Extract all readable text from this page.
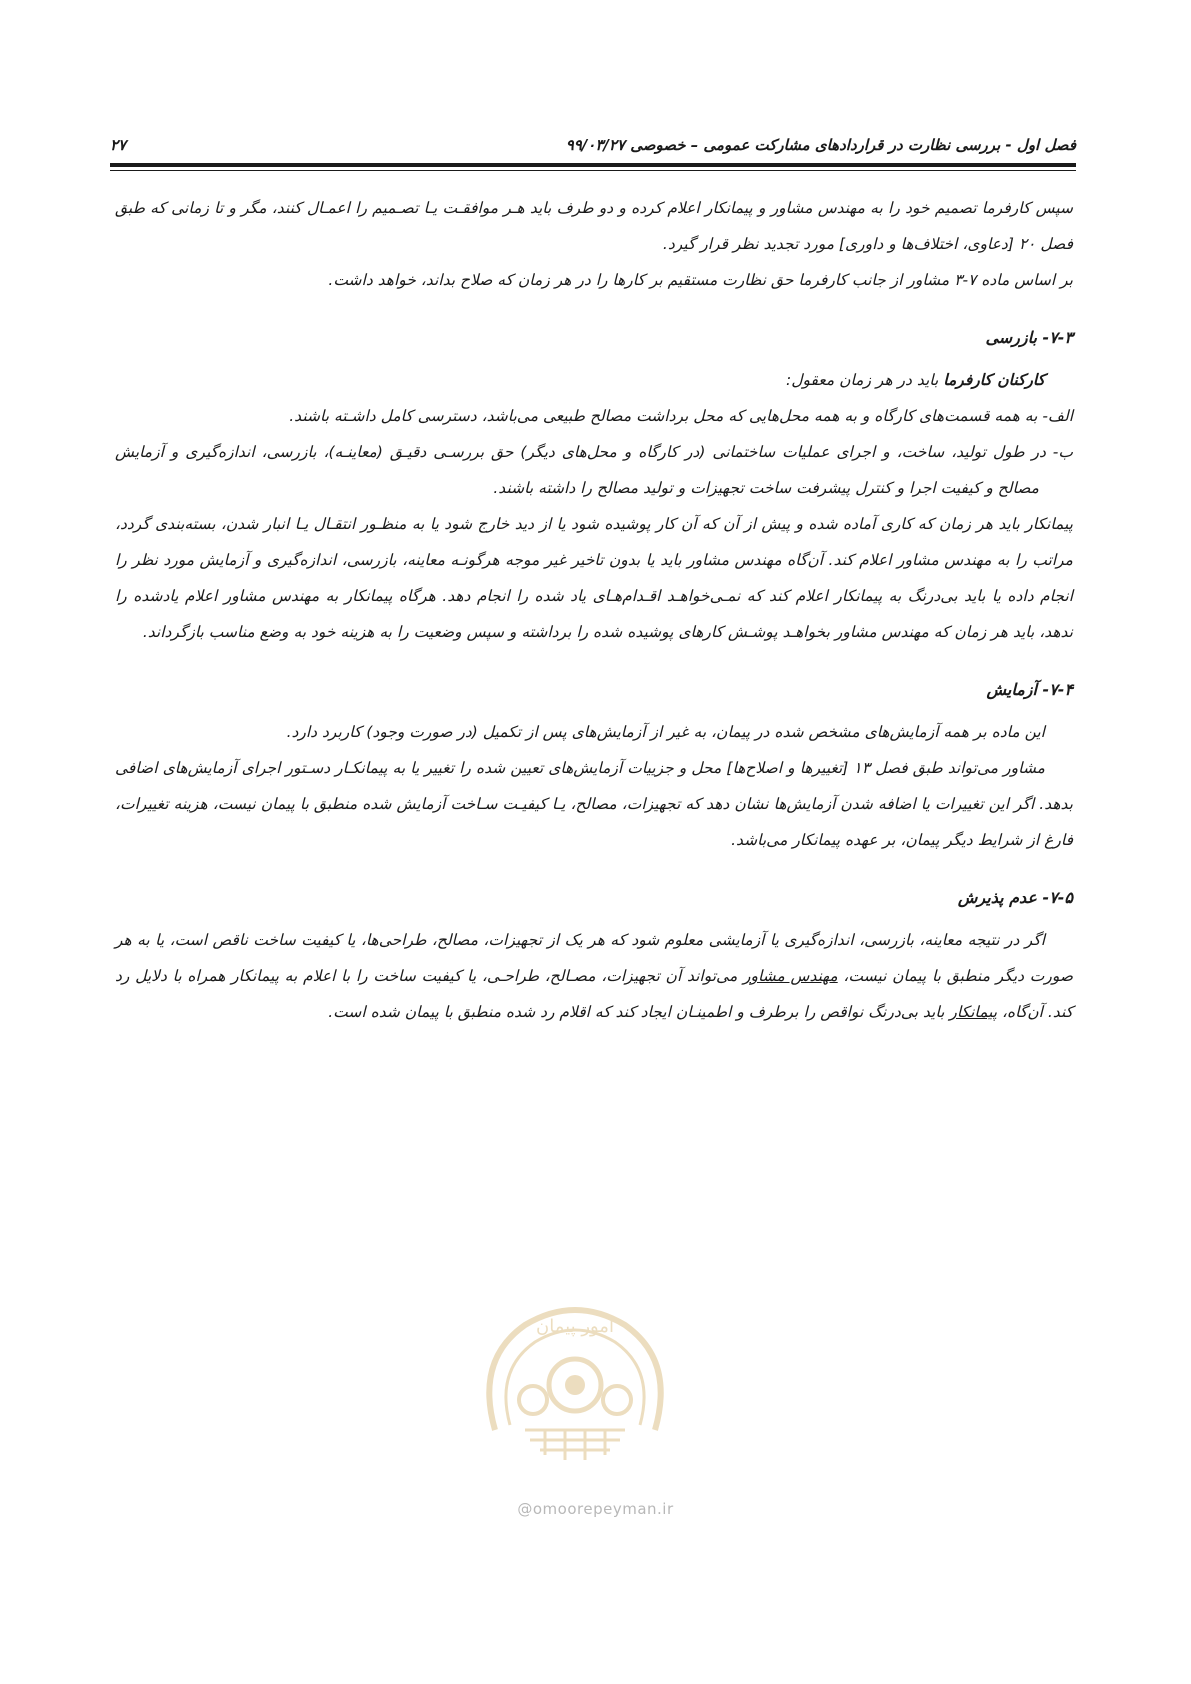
۲۷	فصل اول - بررسی نظارت در قراردادهای مشارکت عمومی – خصوصی ۹۹/۰۳/۲۷

سپس کارفرما تصمیم خود را به مهندس مشاور و پیمانکار اعلام کرده و دو طرف باید هـر موافقـت یـا تصـمیم را اعمـال کنند، مگر و تا زمانی که طبق فصل ۲۰ [دعاوی، اختلاف‌ها و داوری] مورد تجدید نظر قرار گیرد.

بر اساس ماده ۷-۳ مشاور از جانب کارفرما حق نظارت مستقیم بر کارها را در هر زمان که صلاح بداند، خواهد داشت.

۷-۳- بازرسی

کارکنان کارفرما باید در هر زمان معقول:

الف- به همه قسمت‌های کارگاه و به همه محل‌هایی که محل برداشت مصالح طبیعی می‌باشد، دسترسی کامل داشـته باشند.

ب- در طول تولید، ساخت، و اجرای عملیات ساختمانی (در کارگاه و محل‌های دیگر) حق بررسـی دقیـق (معاینـه)، بازرسی، اندازه‌گیری و آزمایش مصالح و کیفیت اجرا و کنترل پیشرفت ساخت تجهیزات و تولید مصالح را داشته باشند.

پیمانکار باید هر زمان که کاری آماده شده و پیش از آن که آن کار پوشیده شود یا از دید خارج شود یا به منظـور انتقـال یـا انبار شدن، بسته‌بندی گردد، مراتب را به مهندس مشاور اعلام کند. آن‌گاه مهندس مشاور باید یا بدون تاخیر غیر موجه هرگونـه معاینه، بازرسی، اندازه‌گیری و آزمایش مورد نظر را انجام داده یا باید بی‌درنگ به پیمانکار اعلام کند که نمـی‌خواهـد اقـدام‌هـای یاد شده را انجام دهد. هرگاه پیمانکار به مهندس مشاور اعلام یادشده را ندهد، باید هر زمان که مهندس مشاور بخواهـد پوشـش کارهای پوشیده شده را برداشته و سپس وضعیت را به هزینه خود به وضع مناسب بازگرداند.

۷-۴- آزمایش

این ماده بر همه آزمایش‌های مشخص شده در پیمان، به غیر از آزمایش‌های پس از تکمیل (در صورت وجود) کاربرد دارد.

مشاور می‌تواند طبق فصل ۱۳ [تغییرها و اصلاح‌ها] محل و جزییات آزمایش‌های تعیین شده را تغییر یا به پیمانکـار دسـتور اجرای آزمایش‌های اضافی بدهد. اگر این تغییرات یا اضافه شدن آزمایش‌ها نشان دهد که تجهیزات، مصالح، یـا کیفیـت سـاخت آزمایش شده منطبق با پیمان نیست، هزینه تغییرات، فارغ از شرایط دیگر پیمان، بر عهده پیمانکار می‌باشد.

۷-۵- عدم پذیرش

اگر در نتیجه معاینه، بازرسی، اندازه‌گیری یا آزمایشی معلوم شود که هر یک از تجهیزات، مصالح، طراحی‌ها، یا کیفیت ساخت ناقص است، یا به هر صورت دیگر منطبق با پیمان نیست، مهندس مشاور می‌تواند آن تجهیزات، مصـالح، طراحـی، یا کیفیت ساخت را با اعلام به پیمانکار همراه با دلایل رد کند. آن‌گاه، پیمانکار باید بی‌درنگ نواقص را برطرف و اطمینـان ایجاد کند که اقلام رد شده منطبق با پیمان شده است.

امور پیمان
@omoorepeyman.ir
